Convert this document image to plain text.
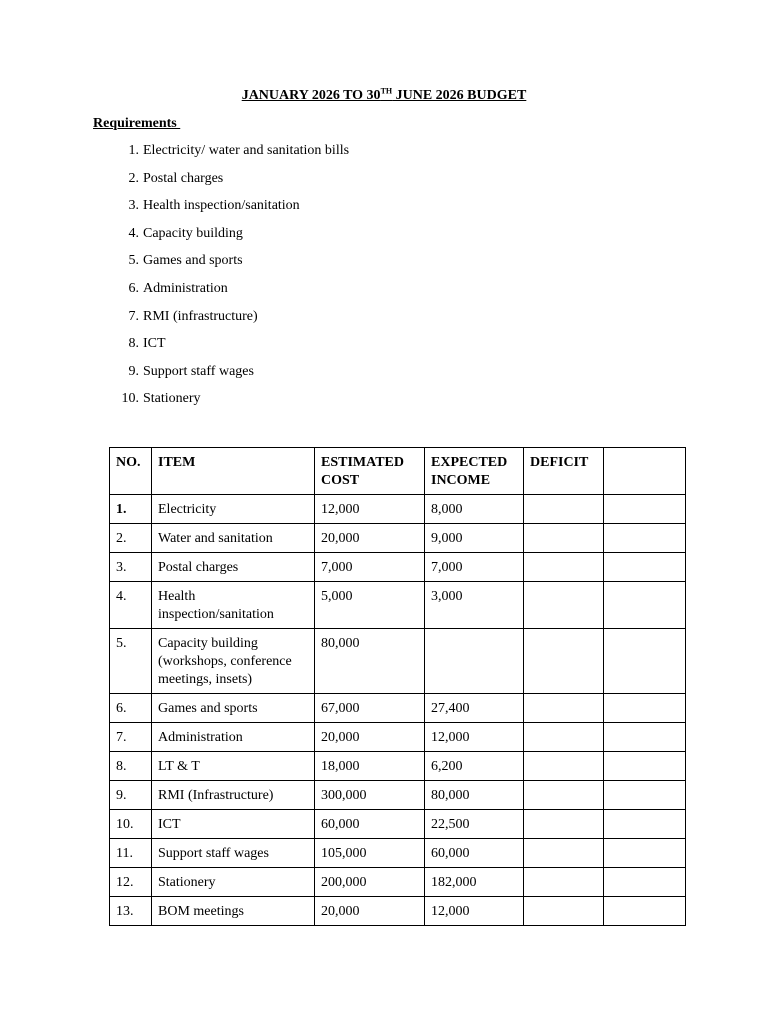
JANUARY 2026 TO 30TH JUNE 2026 BUDGET
Requirements
1. Electricity/ water and sanitation bills
2. Postal charges
3. Health inspection/sanitation
4. Capacity building
5. Games and sports
6. Administration
7. RMI (infrastructure)
8. ICT
9. Support staff wages
10. Stationery
NO.	ITEM	ESTIMATED COST	EXPECTED INCOME	DEFICIT	
1.	Electricity	12,000	8,000		
2.	Water and sanitation	20,000	9,000		
3.	Postal charges	7,000	7,000		
4.	Health inspection/sanitation	5,000	3,000		
5.	Capacity building (workshops, conference meetings, insets)	80,000			
6.	Games and sports	67,000	27,400		
7.	Administration	20,000	12,000		
8.	LT & T	18,000	6,200		
9.	RMI (Infrastructure)	300,000	80,000		
10.	ICT	60,000	22,500		
11.	Support staff wages	105,000	60,000		
12.	Stationery	200,000	182,000		
13.	BOM meetings	20,000	12,000		
